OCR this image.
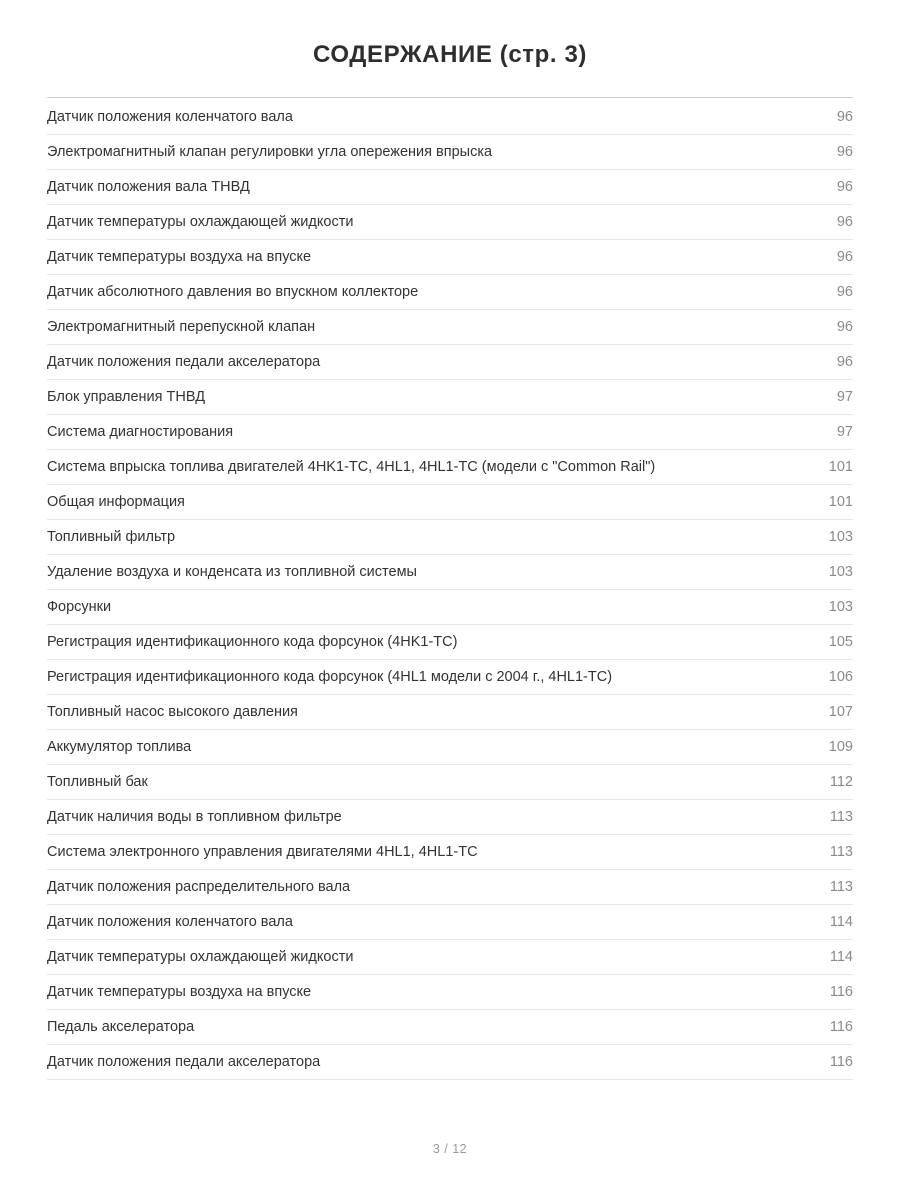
СОДЕРЖАНИЕ (стр. 3)
Датчик положения коленчатого вала	96
Электромагнитный клапан регулировки угла опережения впрыска	96
Датчик положения вала ТНВД	96
Датчик температуры охлаждающей жидкости	96
Датчик температуры воздуха на впуске	96
Датчик абсолютного давления во впускном коллекторе	96
Электромагнитный перепускной клапан	96
Датчик положения педали акселератора	96
Блок управления ТНВД	97
Система диагностирования	97
Система впрыска топлива двигателей 4HK1-TC, 4HL1, 4HL1-TC (модели с "Common Rail")	101
Общая информация	101
Топливный фильтр	103
Удаление воздуха и конденсата из топливной системы	103
Форсунки	103
Регистрация идентификационного кода форсунок (4HK1-TC)	105
Регистрация идентификационного кода форсунок (4HL1 модели с 2004 г., 4HL1-TC)	106
Топливный насос высокого давления	107
Аккумулятор топлива	109
Топливный бак	112
Датчик наличия воды в топливном фильтре	113
Система электронного управления двигателями 4HL1, 4HL1-TC	113
Датчик положения распределительного вала	113
Датчик положения коленчатого вала	114
Датчик температуры охлаждающей жидкости	114
Датчик температуры воздуха на впуске	116
Педаль акселератора	116
Датчик положения педали акселератора	116
3 / 12
